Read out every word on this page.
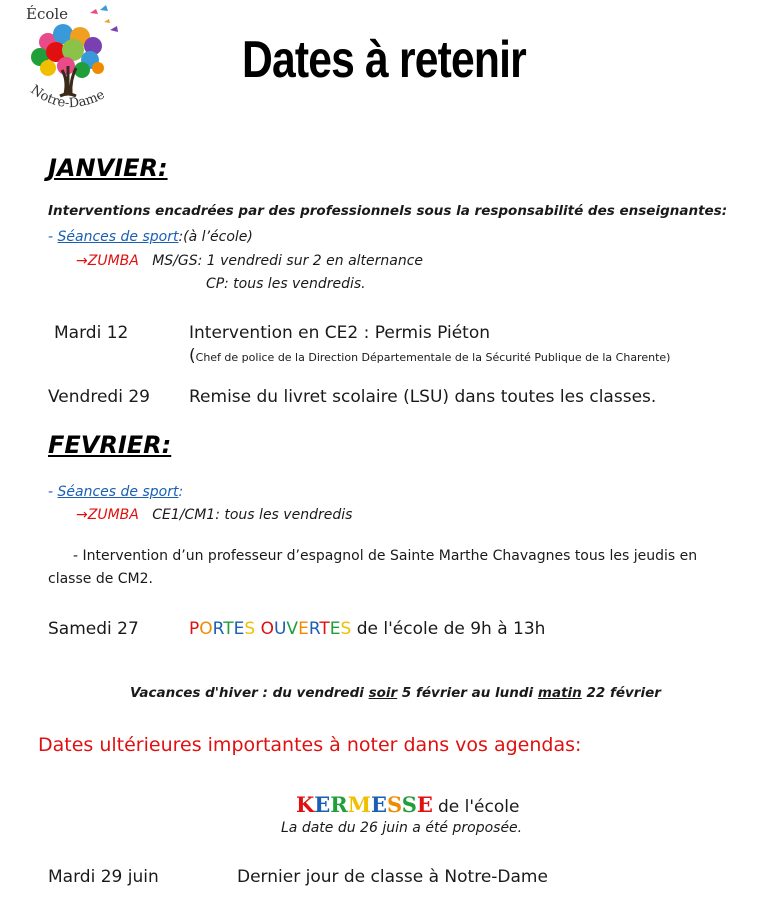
École
Notre-Dame
Dates à retenir
JANVIER:
Interventions encadrées par des professionnels sous la responsabilité des enseignantes:
- Séances de sport:(à l’école)
→ZUMBA MS/GS: 1 vendredi sur 2 en alternance
CP: tous les vendredis.
Mardi 12	Intervention en CE2 : Permis Piéton
(Chef de police de la Direction Départementale de la Sécurité Publique de la Charente)
Vendredi 29 Remise du livret scolaire (LSU) dans toutes les classes.
FEVRIER:
- Séances de sport:
→ZUMBA CE1/CM1: tous les vendredis
- Intervention d’un professeur d’espagnol de Sainte Marthe Chavagnes tous les jeudis en
classe de CM2.
Samedi 27	PORTES OUVERTES de l'école de 9h à 13h
Vacances d'hiver : du vendredi soir 5 février au lundi matin 22 février
Dates ultérieures importantes à noter dans vos agendas:
KERMESSE de l'école
La date du 26 juin a été proposée.
Mardi 29 juin	Dernier jour de classe à Notre-Dame
